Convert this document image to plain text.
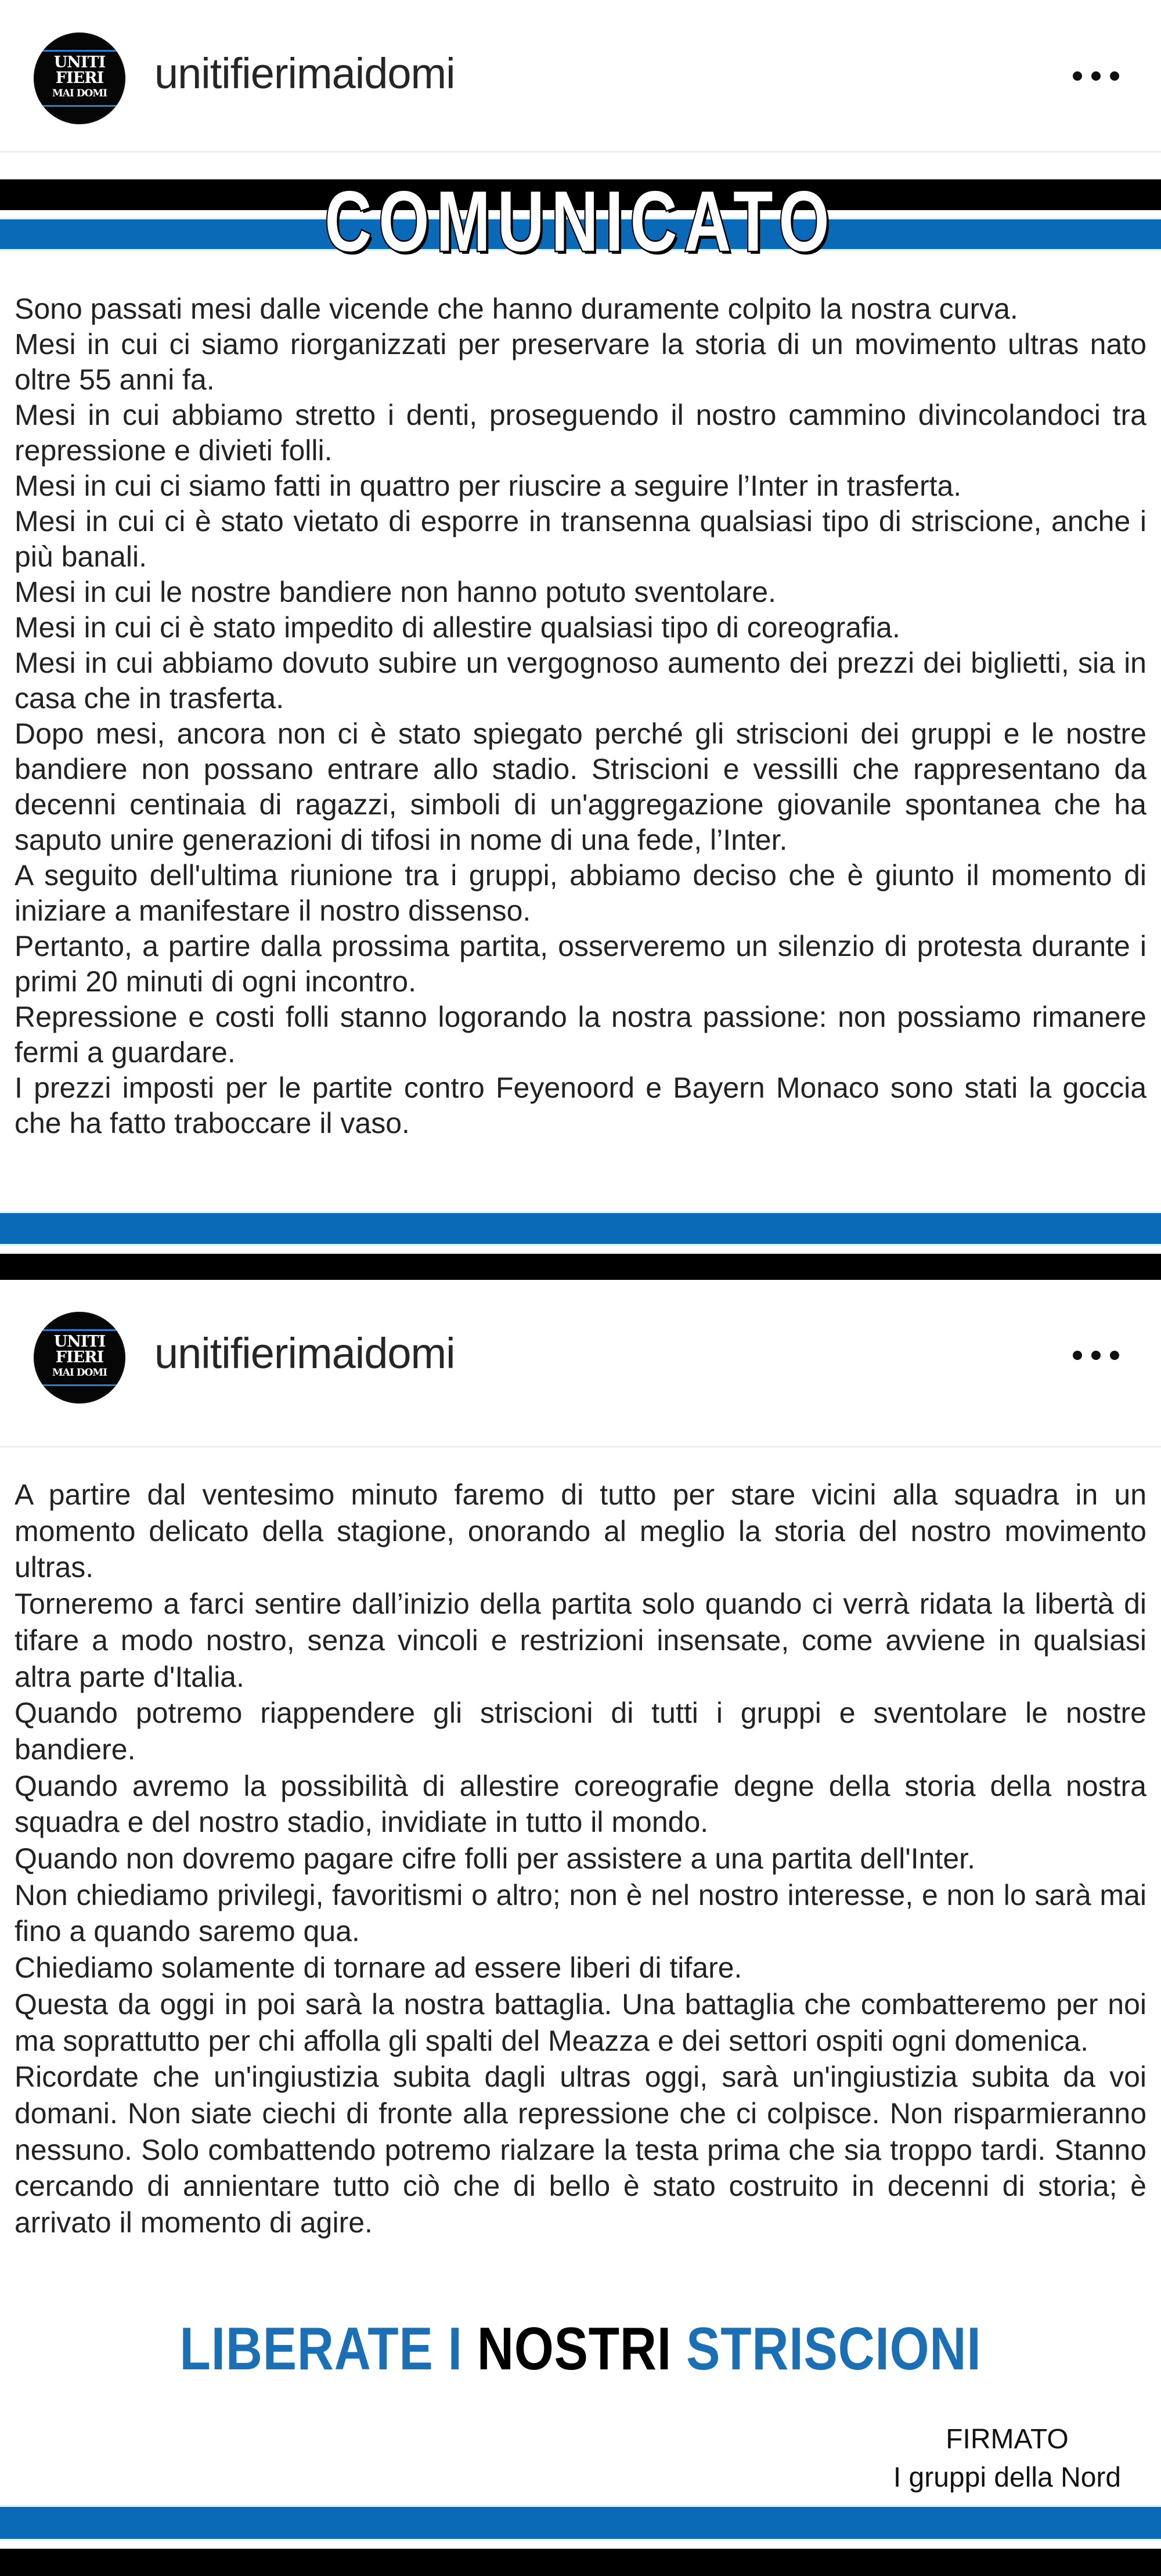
UNITI
FIERI
MAI DOMI	unitifierimaidomi
COMUNICATO

Sono passati mesi dalle vicende che hanno duramente colpito la nostra curva.

Mesi in cui ci siamo riorganizzati per preservare la storia di un movimento ultras nato oltre 55 anni fa.

Mesi in cui abbiamo stretto i denti, proseguendo il nostro cammino divincolandoci tra repressione e divieti folli.

Mesi in cui ci siamo fatti in quattro per riuscire a seguire l’Inter in trasferta.

Mesi in cui ci è stato vietato di esporre in transenna qualsiasi tipo di striscione, anche i più banali.

Mesi in cui le nostre bandiere non hanno potuto sventolare.

Mesi in cui ci è stato impedito di allestire qualsiasi tipo di coreografia.

Mesi in cui abbiamo dovuto subire un vergognoso aumento dei prezzi dei biglietti, sia in casa che in trasferta.

Dopo mesi, ancora non ci è stato spiegato perché gli striscioni dei gruppi e le nostre bandiere non possano entrare allo stadio. Striscioni e vessilli che rappresentano da decenni centinaia di ragazzi, simboli di un'aggregazione giovanile spontanea che ha saputo unire generazioni di tifosi in nome di una fede, l’Inter.

A seguito dell'ultima riunione tra i gruppi, abbiamo deciso che è giunto il momento di iniziare a manifestare il nostro dissenso.

Pertanto, a partire dalla prossima partita, osserveremo un silenzio di protesta durante i primi 20 minuti di ogni incontro.

Repressione e costi folli stanno logorando la nostra passione: non possiamo rimanere fermi a guardare.

I prezzi imposti per le partite contro Feyenoord e Bayern Monaco sono stati la goccia che ha fatto traboccare il vaso.

UNITI
FIERI
MAI DOMI	unitifierimaidomi

A partire dal ventesimo minuto faremo di tutto per stare vicini alla squadra in un momento delicato della stagione, onorando al meglio la storia del nostro movimento ultras.

Torneremo a farci sentire dall’inizio della partita solo quando ci verrà ridata la libertà di tifare a modo nostro, senza vincoli e restrizioni insensate, come avviene in qualsiasi altra parte d'Italia.

Quando potremo riappendere gli striscioni di tutti i gruppi e sventolare le nostre bandiere.

Quando avremo la possibilità di allestire coreografie degne della storia della nostra squadra e del nostro stadio, invidiate in tutto il mondo.

Quando non dovremo pagare cifre folli per assistere a una partita dell'Inter.

Non chiediamo privilegi, favoritismi o altro; non è nel nostro interesse, e non lo sarà mai fino a quando saremo qua.

Chiediamo solamente di tornare ad essere liberi di tifare.

Questa da oggi in poi sarà la nostra battaglia. Una battaglia che combatteremo per noi ma soprattutto per chi affolla gli spalti del Meazza e dei settori ospiti ogni domenica.

Ricordate che un'ingiustizia subita dagli ultras oggi, sarà un'ingiustizia subita da voi domani. Non siate ciechi di fronte alla repressione che ci colpisce. Non risparmieranno nessuno. Solo combattendo potremo rialzare la testa prima che sia troppo tardi. Stanno cercando di annientare tutto ciò che di bello è stato costruito in decenni di storia; è arrivato il momento di agire.

LIBERATE I NOSTRI STRISCIONI
FIRMATO
I gruppi della Nord
